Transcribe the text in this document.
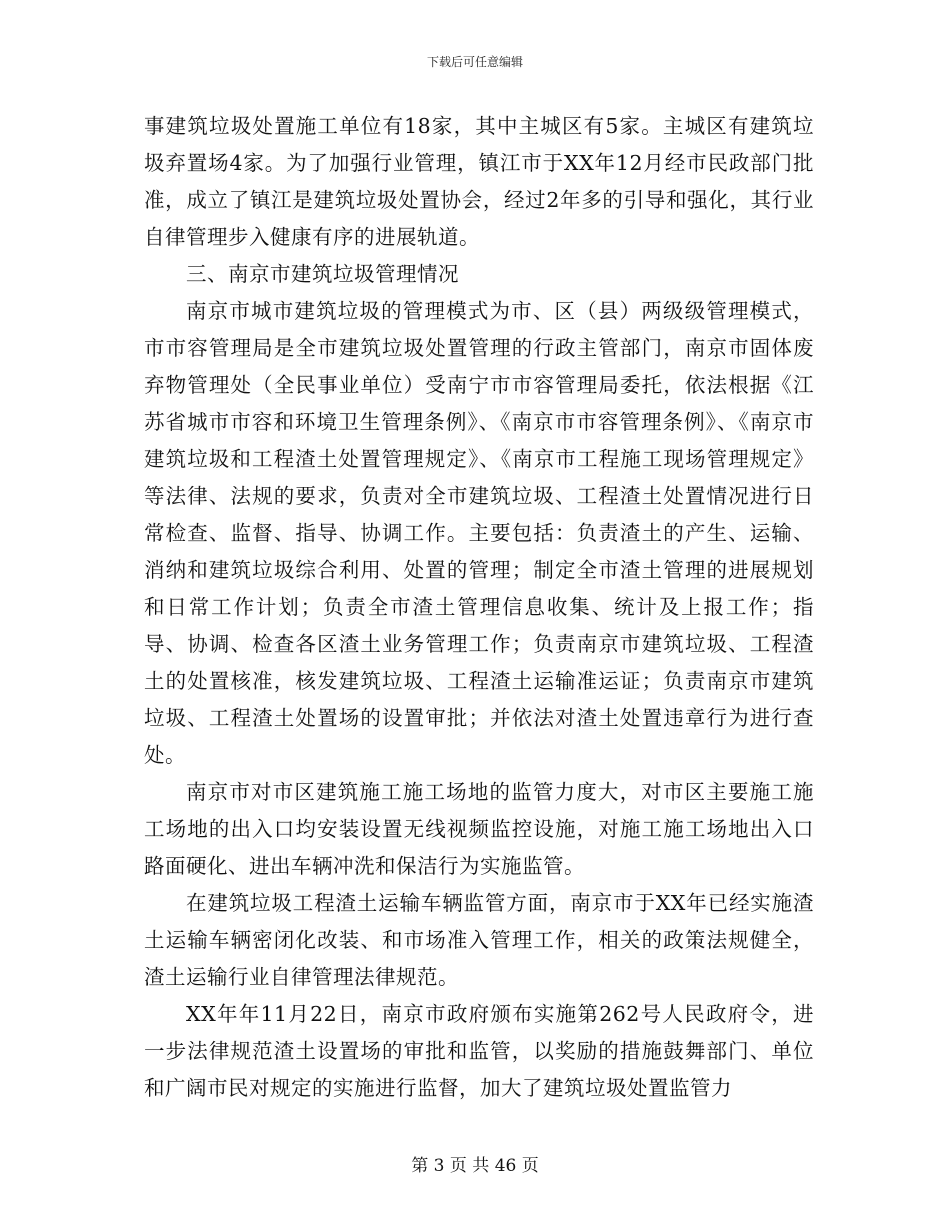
下载后可任意编辑

事建筑垃圾处置施工单位有18家，其中主城区有5家。主城区有建筑垃圾弃置场4家。为了加强行业管理，镇江市于XX年12月经市民政部门批准，成立了镇江是建筑垃圾处置协会，经过2年多的引导和强化，其行业自律管理步入健康有序的进展轨道。

三、南京市建筑垃圾管理情况

南京市城市建筑垃圾的管理模式为市、区（县）两级级管理模式，市市容管理局是全市建筑垃圾处置管理的行政主管部门，南京市固体废弃物管理处（全民事业单位）受南宁市市容管理局委托，依法根据《江苏省城市市容和环境卫生管理条例》、《南京市市容管理条例》、《南京市建筑垃圾和工程渣土处置管理规定》、《南京市工程施工现场管理规定》等法律、法规的要求，负责对全市建筑垃圾、工程渣土处置情况进行日常检查、监督、指导、协调工作。主要包括：负责渣土的产生、运输、消纳和建筑垃圾综合利用、处置的管理；制定全市渣土管理的进展规划和日常工作计划；负责全市渣土管理信息收集、统计及上报工作；指导、协调、检查各区渣土业务管理工作；负责南京市建筑垃圾、工程渣土的处置核准，核发建筑垃圾、工程渣土运输准运证；负责南京市建筑垃圾、工程渣土处置场的设置审批；并依法对渣土处置违章行为进行查处。

南京市对市区建筑施工施工场地的监管力度大，对市区主要施工施工场地的出入口均安装设置无线视频监控设施，对施工施工场地出入口路面硬化、进出车辆冲洗和保洁行为实施监管。

在建筑垃圾工程渣土运输车辆监管方面，南京市于XX年已经实施渣土运输车辆密闭化改装、和市场准入管理工作，相关的政策法规健全，渣土运输行业自律管理法律规范。

XX年年11月22日，南京市政府颁布实施第262号人民政府令，进一步法律规范渣土设置场的审批和监管，以奖励的措施鼓舞部门、单位和广阔市民对规定的实施进行监督，加大了建筑垃圾处置监管力

第 3 页 共 46 页
